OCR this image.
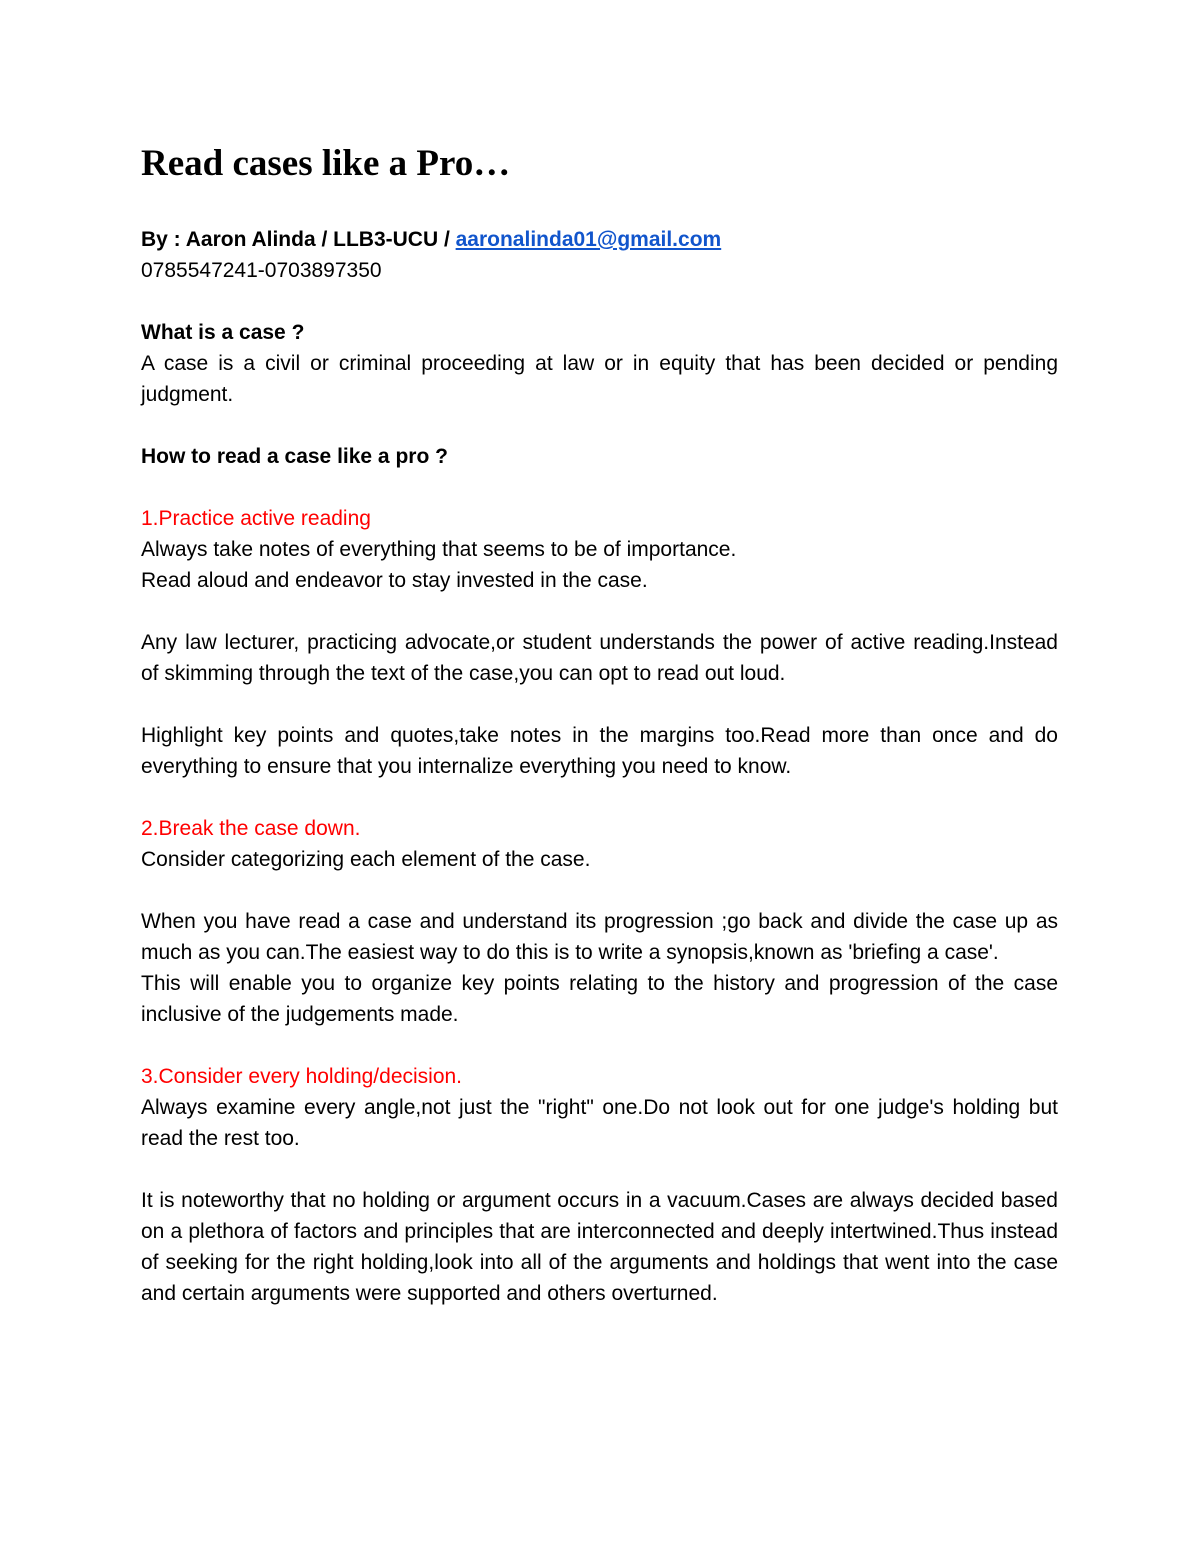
Read cases like a Pro…

By : Aaron Alinda / LLB3-UCU / aaronalinda01@gmail.com

0785547241-0703897350

What is a case ?

A case is a civil or criminal proceeding at law or in equity that has been decided or pending judgment.

How to read a case like a pro ?

1.Practice active reading

Always take notes of everything that seems to be of importance.

Read aloud and endeavor to stay invested in the case.

Any law lecturer, practicing advocate,or student understands the power of active reading.Instead of skimming through the text of the case,you can opt to read out loud.

Highlight key points and quotes,take notes in the margins too.Read more than once and do everything to ensure that you internalize everything you need to know.

2.Break the case down.

Consider categorizing each element of the case.

When you have read a case and understand its progression ;go back and divide the case up as much as you can.The easiest way to do this is to write a synopsis,known as 'briefing a case'.

This will enable you to organize key points relating to the history and progression of the case inclusive of the judgements made.

3.Consider every holding/decision.

Always examine every angle,not just the "right" one.Do not look out for one judge's holding but read the rest too.

It is noteworthy that no holding or argument occurs in a vacuum.Cases are always decided based on a plethora of factors and principles that are interconnected and deeply intertwined.Thus instead of seeking for the right holding,look into all of the arguments and holdings that went into the case and certain arguments were supported and others overturned.
